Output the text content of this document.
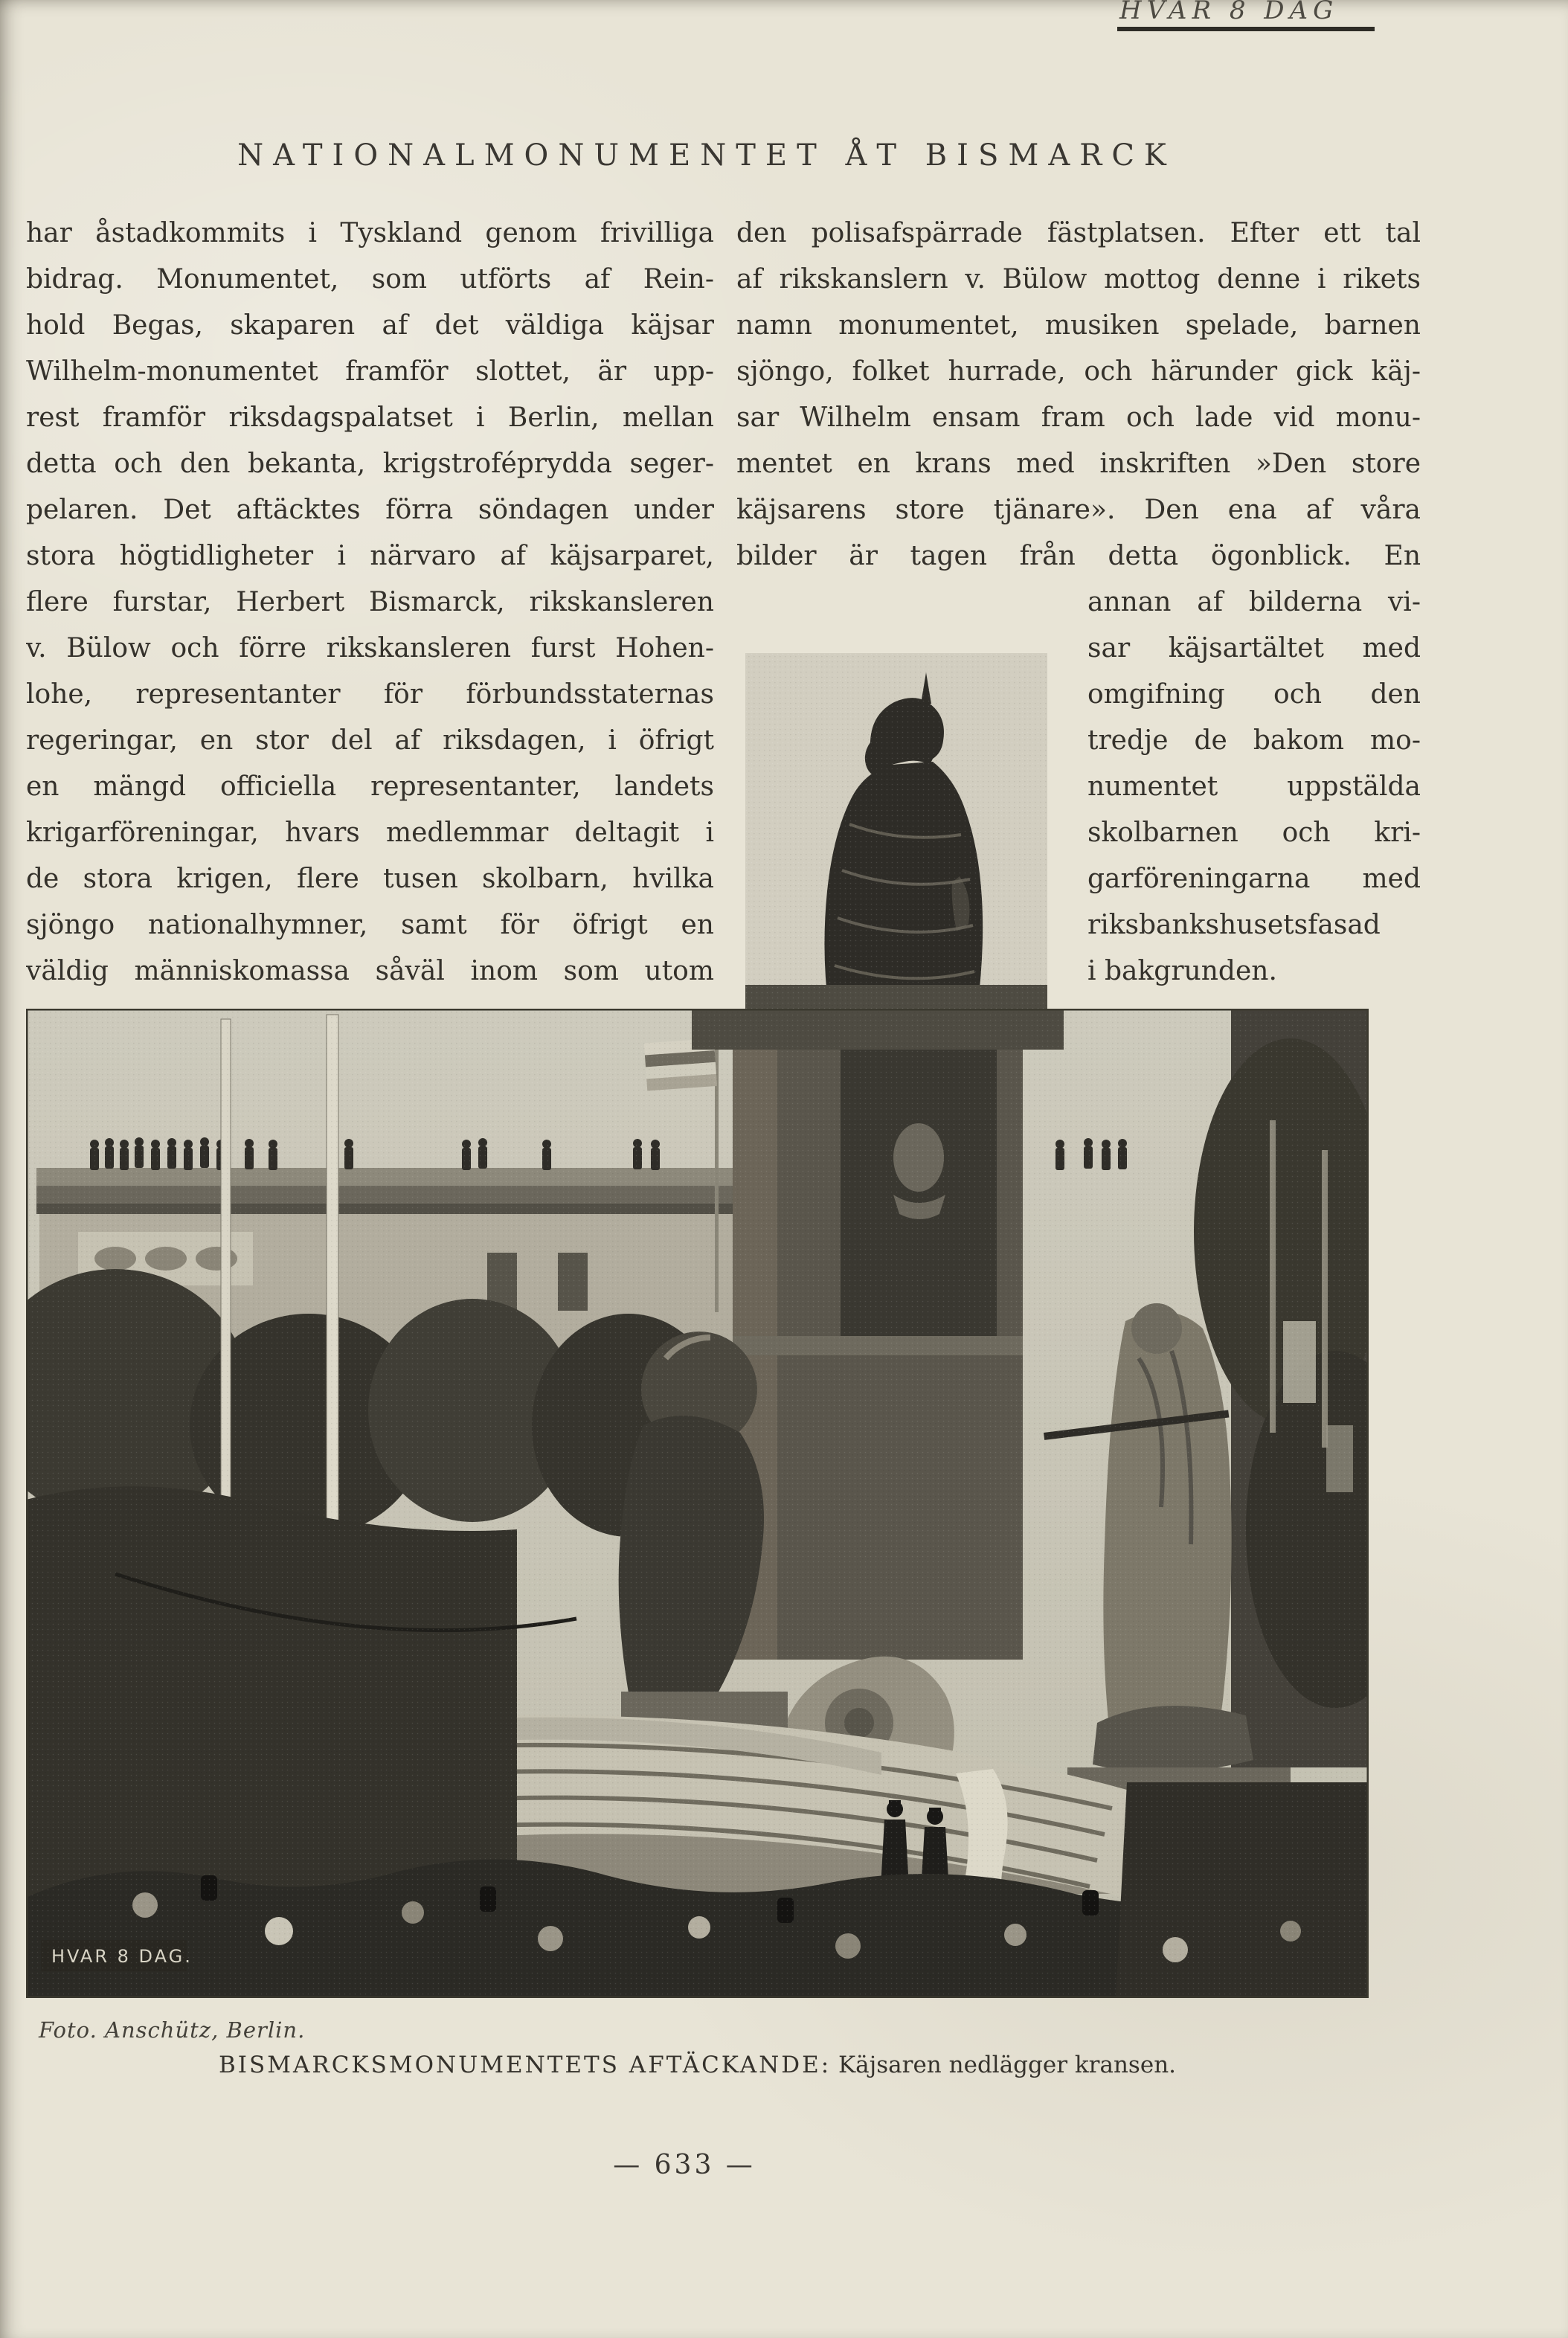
HVAR 8 DAG
NATIONALMONUMENTET ÅT BISMARCK
har åstadkommits i Tyskland genom frivilliga
bidrag. Monumentet, som utförts af Rein-
hold Begas, skaparen af det väldiga käjsar
Wilhelm-monumentet framför slottet, är upp-
rest framför riksdagspalatset i Berlin, mellan
detta och den bekanta, krigstroféprydda seger-
pelaren. Det aftäcktes förra söndagen under
stora högtidligheter i närvaro af käjsarparet,
flere furstar, Herbert Bismarck, rikskansleren
v. Bülow och förre rikskansleren furst Hohen-
lohe, representanter för förbundsstaternas
regeringar, en stor del af riksdagen, i öfrigt
en mängd officiella representanter, landets
krigarföreningar, hvars medlemmar deltagit i
de stora krigen, flere tusen skolbarn, hvilka
sjöngo nationalhymner, samt för öfrigt en
väldig människomassa såväl inom som utom
den polisafspärrade fästplatsen. Efter ett tal
af rikskanslern v. Bülow mottog denne i rikets
namn monumentet, musiken spelade, barnen
sjöngo, folket hurrade, och härunder gick käj-
sar Wilhelm ensam fram och lade vid monu-
mentet en krans med inskriften »Den store
käjsarens store tjänare». Den ena af våra
bilder är tagen från detta ögonblick. En
annan af bilderna vi-
sar käjsartältet med
omgifning och den
tredje de bakom mo-
numentet uppstälda
skolbarnen och kri-
garföreningarna med
riksbankshusetsfasad
i bakgrunden.
Foto. Anschütz, Berlin.
BISMARCKSMONUMENTETS AFTÄCKANDE: Käjsaren nedlägger kransen.
— 633 —
